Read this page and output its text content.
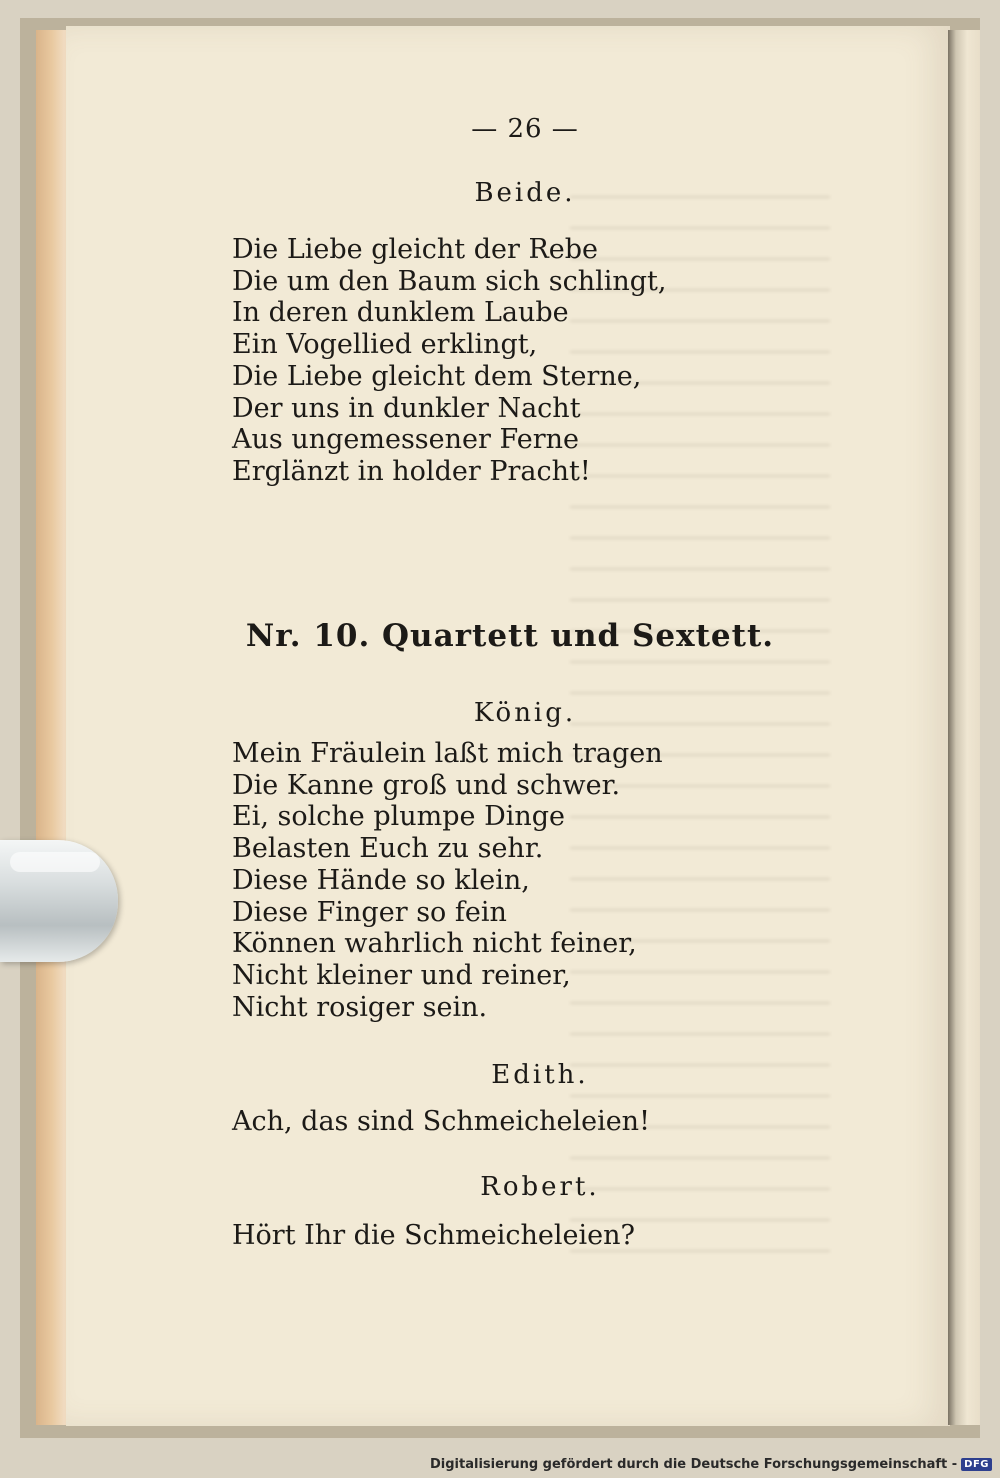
— 26 —
Beide.
Die Liebe gleicht der Rebe
Die um den Baum sich schlingt,
In deren dunklem Laube
Ein Vogellied erklingt,
Die Liebe gleicht dem Sterne,
Der uns in dunkler Nacht
Aus ungemessener Ferne
Erglänzt in holder Pracht!
Nr. 10. Quartett und Sextett.
König.
Mein Fräulein laßt mich tragen
Die Kanne groß und schwer.
Ei, solche plumpe Dinge
Belasten Euch zu sehr.
Diese Hände so klein,
Diese Finger so fein
Können wahrlich nicht feiner,
Nicht kleiner und reiner,
Nicht rosiger sein.
Edith.
Ach, das sind Schmeicheleien!
Robert.
Hört Ihr die Schmeicheleien?
Digitalisierung gefördert durch die Deutsche Forschungsgemeinschaft - DFG
